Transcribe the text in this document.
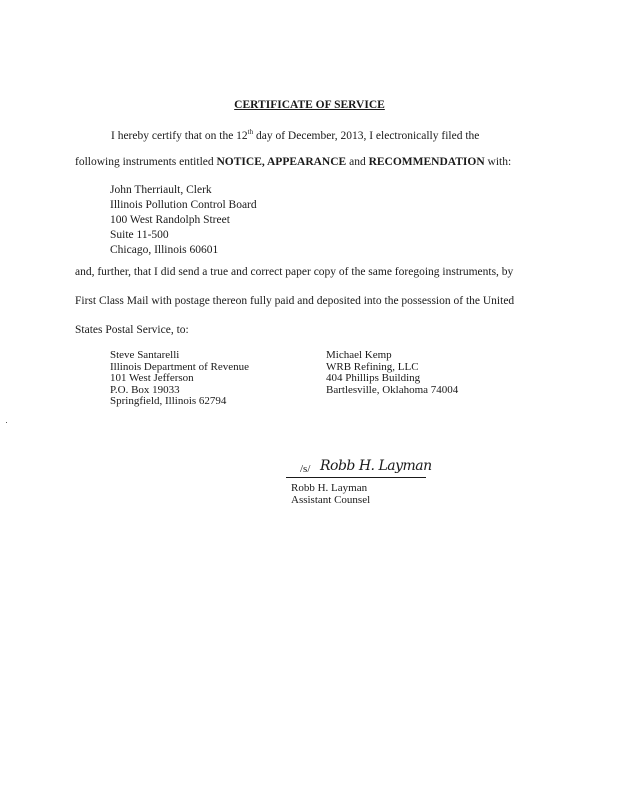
CERTIFICATE OF SERVICE
I hereby certify that on the 12th day of December, 2013, I electronically filed the
following instruments entitled NOTICE, APPEARANCE and RECOMMENDATION with:
John Therriault, Clerk
Illinois Pollution Control Board
100 West Randolph Street
Suite 11-500
Chicago, Illinois 60601
and, further, that I did send a true and correct paper copy of the same foregoing instruments, by
First Class Mail with postage thereon fully paid and deposited into the possession of the United
States Postal Service, to:
Steve Santarelli
Illinois Department of Revenue
101 West Jefferson
P.O. Box 19033
Springfield, Illinois 62794
Michael Kemp
WRB Refining, LLC
404 Phillips Building
Bartlesville, Oklahoma 74004
/s/ Robb H. Layman
Robb H. Layman
Assistant Counsel
